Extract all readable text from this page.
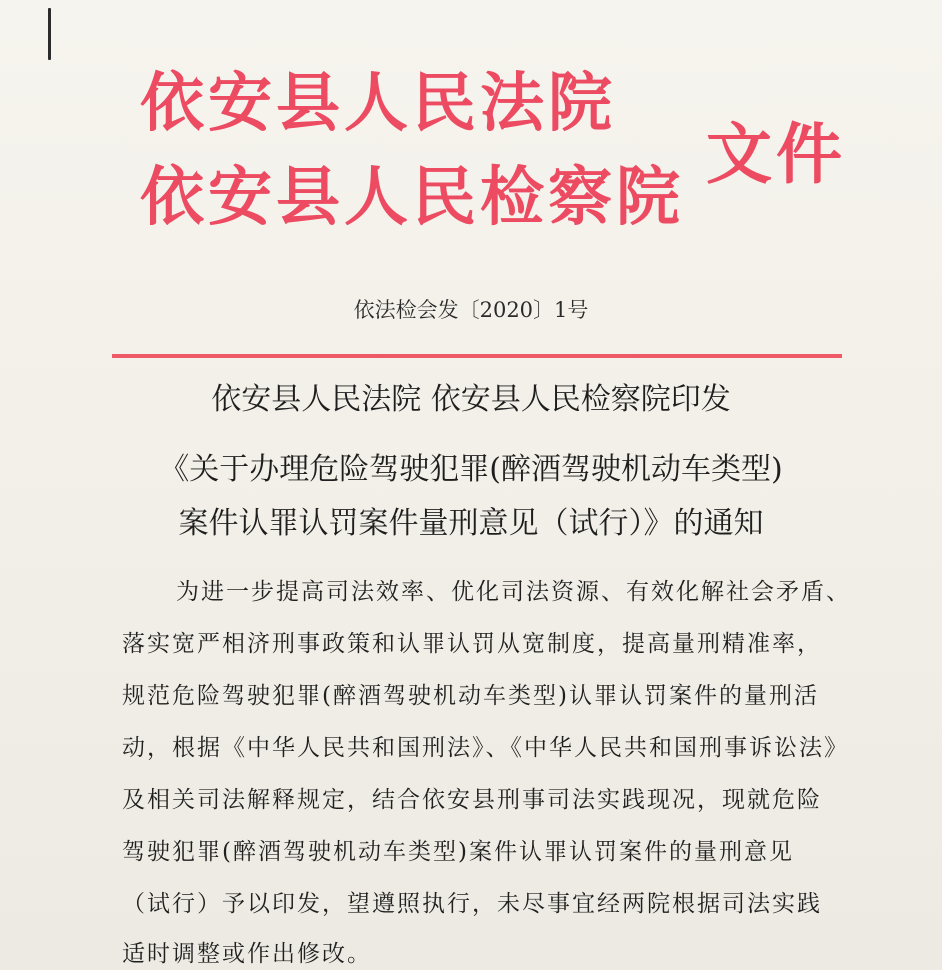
依安县人民法院
依安县人民检察院
文件
依法检会发〔2020〕1号
依安县人民法院 依安县人民检察院印发
《关于办理危险驾驶犯罪(醉酒驾驶机动车类型)
案件认罪认罚案件量刑意见（试行）》的通知
为进一步提高司法效率、优化司法资源、有效化解社会矛盾、
落实宽严相济刑事政策和认罪认罚从宽制度，提高量刑精准率，
规范危险驾驶犯罪(醉酒驾驶机动车类型)认罪认罚案件的量刑活
动，根据《中华人民共和国刑法》、《中华人民共和国刑事诉讼法》
及相关司法解释规定，结合依安县刑事司法实践现况，现就危险
驾驶犯罪(醉酒驾驶机动车类型)案件认罪认罚案件的量刑意见
（试行）予以印发，望遵照执行，未尽事宜经两院根据司法实践
适时调整或作出修改。
